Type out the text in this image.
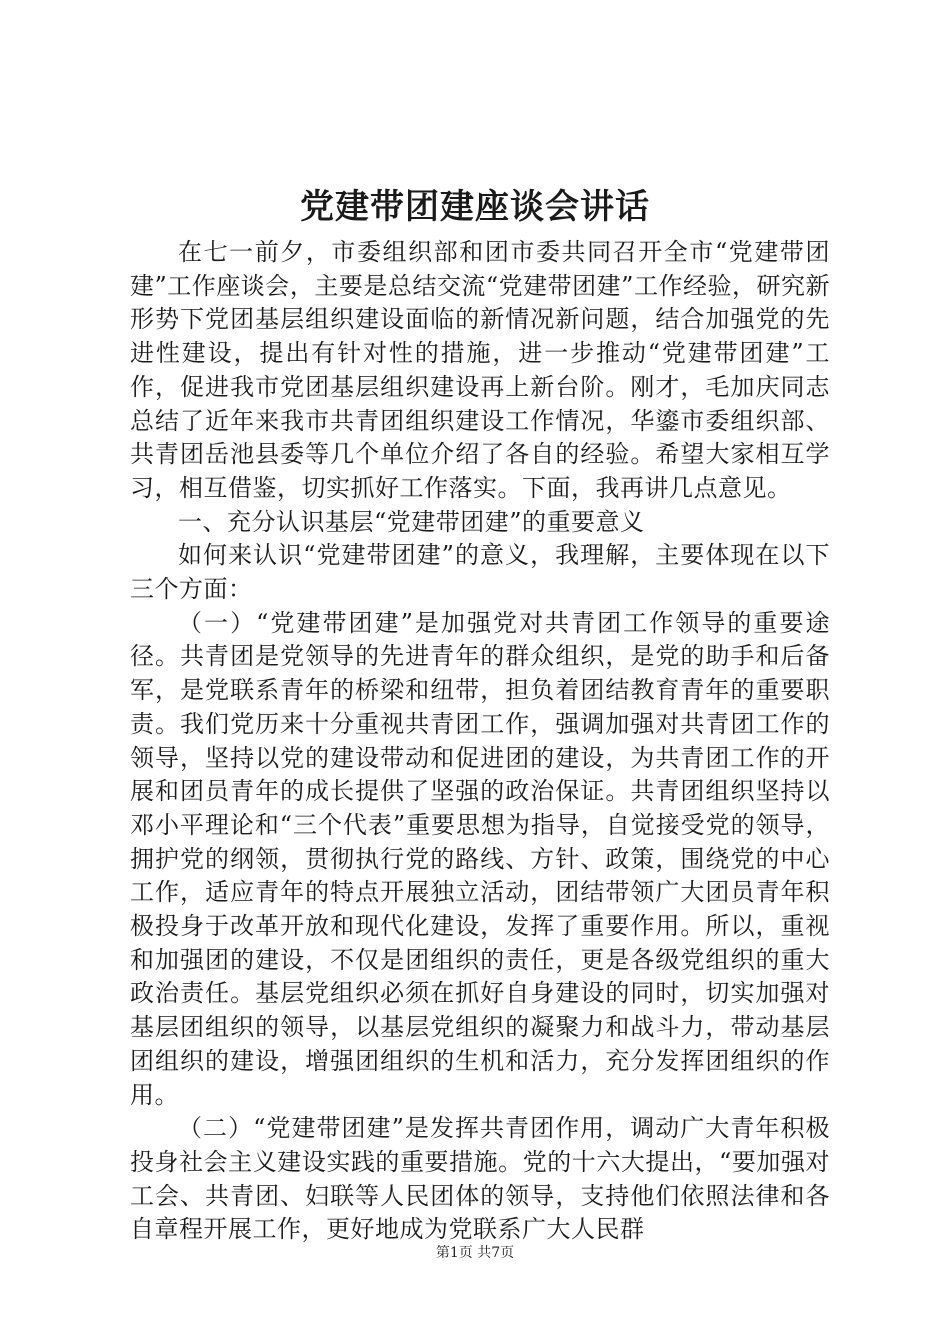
党建带团建座谈会讲话

在七一前夕，市委组织部和团市委共同召开全市“党建带团建”工作座谈会，主要是总结交流“党建带团建”工作经验，研究新形势下党团基层组织建设面临的新情况新问题，结合加强党的先进性建设，提出有针对性的措施，进一步推动“党建带团建”工作，促进我市党团基层组织建设再上新台阶。刚才，毛加庆同志总结了近年来我市共青团组织建设工作情况，华鎏市委组织部、共青团岳池县委等几个单位介绍了各自的经验。希望大家相互学习，相互借鉴，切实抓好工作落实。下面，我再讲几点意见。

一、充分认识基层“党建带团建”的重要意义

如何来认识“党建带团建”的意义，我理解，主要体现在以下三个方面：

（一）“党建带团建”是加强党对共青团工作领导的重要途径。共青团是党领导的先进青年的群众组织，是党的助手和后备军，是党联系青年的桥梁和纽带，担负着团结教育青年的重要职责。我们党历来十分重视共青团工作，强调加强对共青团工作的领导，坚持以党的建设带动和促进团的建设，为共青团工作的开展和团员青年的成长提供了坚强的政治保证。共青团组织坚持以邓小平理论和“三个代表”重要思想为指导，自觉接受党的领导，拥护党的纲领，贯彻执行党的路线、方针、政策，围绕党的中心工作，适应青年的特点开展独立活动，团结带领广大团员青年积极投身于改革开放和现代化建设，发挥了重要作用。所以，重视和加强团的建设，不仅是团组织的责任，更是各级党组织的重大政治责任。基层党组织必须在抓好自身建设的同时，切实加强对基层团组织的领导，以基层党组织的凝聚力和战斗力，带动基层团组织的建设，增强团组织的生机和活力，充分发挥团组织的作用。

（二）“党建带团建”是发挥共青团作用，调动广大青年积极投身社会主义建设实践的重要措施。党的十六大提出，“要加强对工会、共青团、妇联等人民团体的领导，支持他们依照法律和各自章程开展工作，更好地成为党联系广大人民群

第1页 共7页
